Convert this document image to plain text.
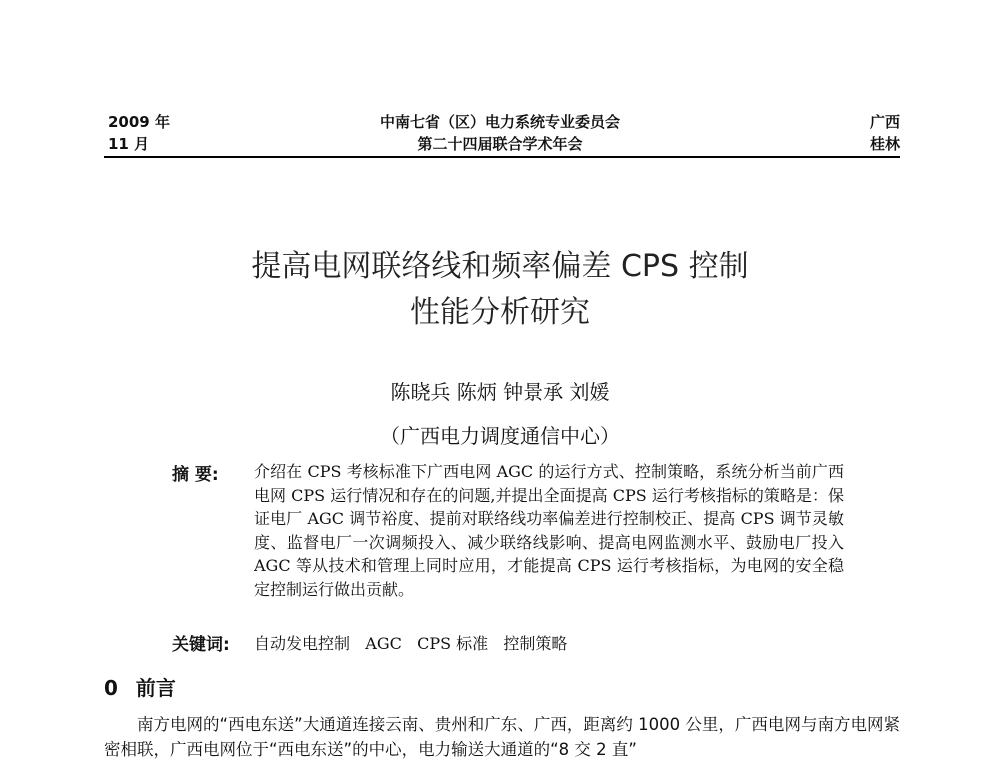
2009 年
11 月
中南七省（区）电力系统专业委员会
第二十四届联合学术年会
广西
桂林
提高电网联络线和频率偏差 CPS 控制
性能分析研究
陈晓兵 陈炳 钟景承 刘媛
（广西电力调度通信中心）
摘 要: 介绍在 CPS 考核标准下广西电网 AGC 的运行方式、控制策略，系统分析当前广西电网 CPS 运行情况和存在的问题,并提出全面提高 CPS 运行考核指标的策略是：保证电厂 AGC 调节裕度、提前对联络线功率偏差进行控制校正、提高 CPS 调节灵敏度、监督电厂一次调频投入、减少联络线影响、提高电网监测水平、鼓励电厂投入 AGC 等从技术和管理上同时应用，才能提高 CPS 运行考核指标，为电网的安全稳定控制运行做出贡献。
关键词: 自动发电控制   AGC   CPS 标准   控制策略
0 前言
南方电网的“西电东送”大通道连接云南、贵州和广东、广西，距离约 1000 公里，广西电网与南方电网紧密相联，广西电网位于“西电东送”的中心，电力输送大通道的“8 交 2 直”
